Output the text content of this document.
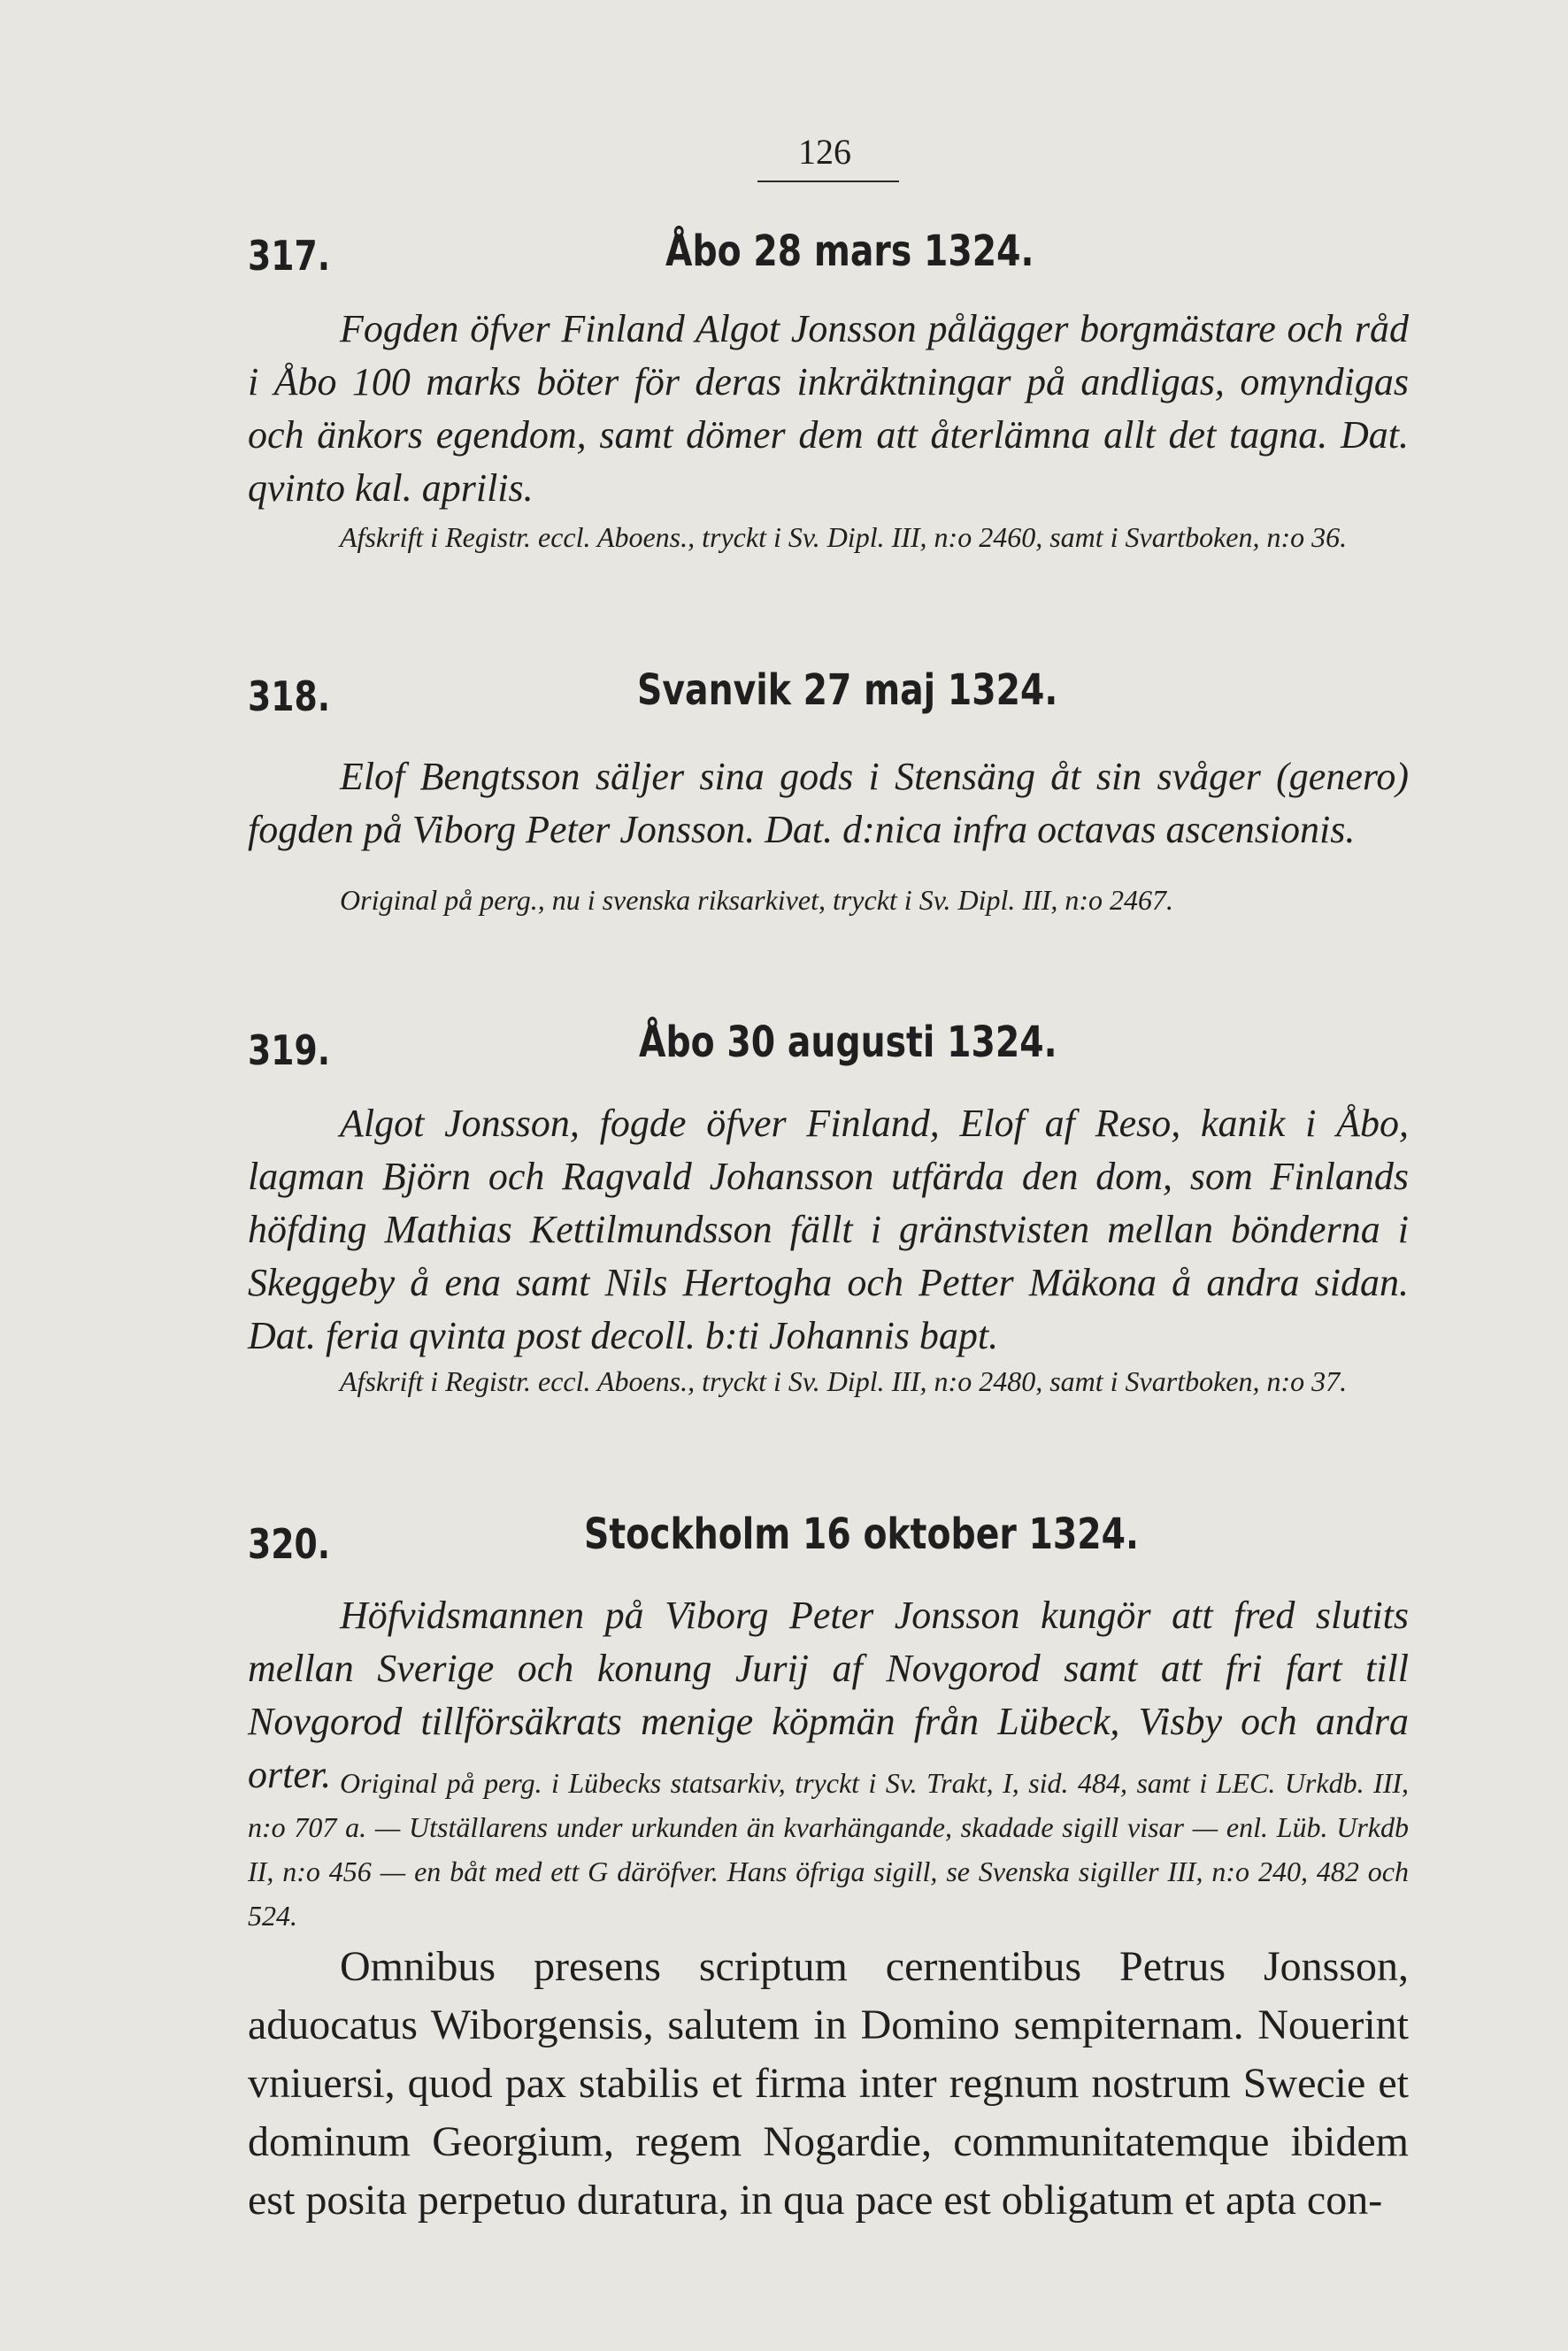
126
317.	Åbo 28 mars 1324.
Fogden öfver Finland Algot Jonsson pålägger borgmästare och råd i Åbo 100 marks böter för deras inkräktningar på andligas, omyndigas och änkors egendom, samt dömer dem att återlämna allt det tagna. Dat. qvinto kal. aprilis.
Afskrift i Registr. eccl. Aboens., tryckt i Sv. Dipl. III, n:o 2460, samt i Svartboken, n:o 36.
318.	Svanvik 27 maj 1324.
Elof Bengtsson säljer sina gods i Stensäng åt sin svåger (genero) fogden på Viborg Peter Jonsson. Dat. d:nica infra octavas ascensionis.
Original på perg., nu i svenska riksarkivet, tryckt i Sv. Dipl. III, n:o 2467.
319.	Åbo 30 augusti 1324.
Algot Jonsson, fogde öfver Finland, Elof af Reso, kanik i Åbo, lagman Björn och Ragvald Johansson utfärda den dom, som Finlands höfding Mathias Kettilmundsson fällt i gränstvisten mellan bönderna i Skeggeby å ena samt Nils Hertogha och Petter Mäkona å andra sidan. Dat. feria qvinta post decoll. b:ti Johannis bapt.
Afskrift i Registr. eccl. Aboens., tryckt i Sv. Dipl. III, n:o 2480, samt i Svartboken, n:o 37.
320.	Stockholm 16 oktober 1324.
Höfvidsmannen på Viborg Peter Jonsson kungör att fred slutits mellan Sverige och konung Jurij af Novgorod samt att fri fart till Novgorod tillförsäkrats menige köpmän från Lübeck, Visby och andra orter. Original på perg. i Lübecks statsarkiv, tryckt i Sv. Trakt, I, sid. 484, samt i LEC. Urkdb. III, n:o 707 a. — Utställarens under urkunden än kvarhängande, skadade sigill visar — enl. Lüb. Urkdb II, n:o 456 — en båt med ett G däröfver. Hans öfriga sigill, se Svenska sigiller III, n:o 240, 482 och 524.
Omnibus presens scriptum cernentibus Petrus Jonsson, aduocatus Wiborgensis, salutem in Domino sempiternam. Nouerint vniuersi, quod pax stabilis et firma inter regnum nostrum Swecie et dominum Georgium, regem Nogardie, communitatemque ibidem est posita perpetuo duratura, in qua pace est obligatum et apta con-
